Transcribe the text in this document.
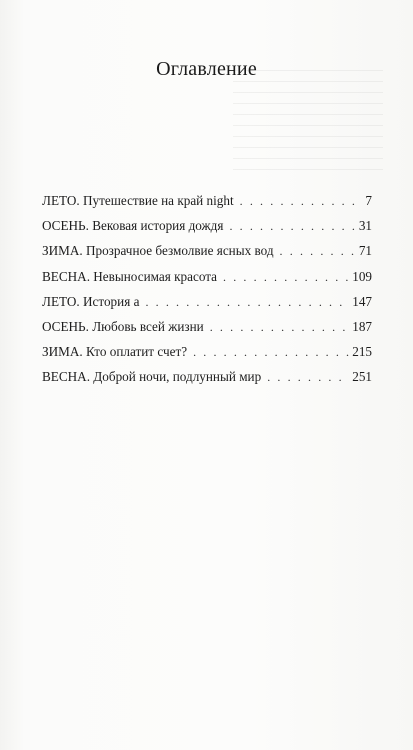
Оглавление
ЛЕТО. Путешествие на край night . . .	7
ОСЕНЬ. Вековая история дождя . . .	31
ЗИМА. Прозрачное безмолвие ясных вод . . .	71
ВЕСНА. Невыносимая красота . . .	109
ЛЕТО. История а . . .	147
ОСЕНЬ. Любовь всей жизни . . .	187
ЗИМА. Кто оплатит счет? . . .	215
ВЕСНА. Доброй ночи, подлунный мир . . .	251
